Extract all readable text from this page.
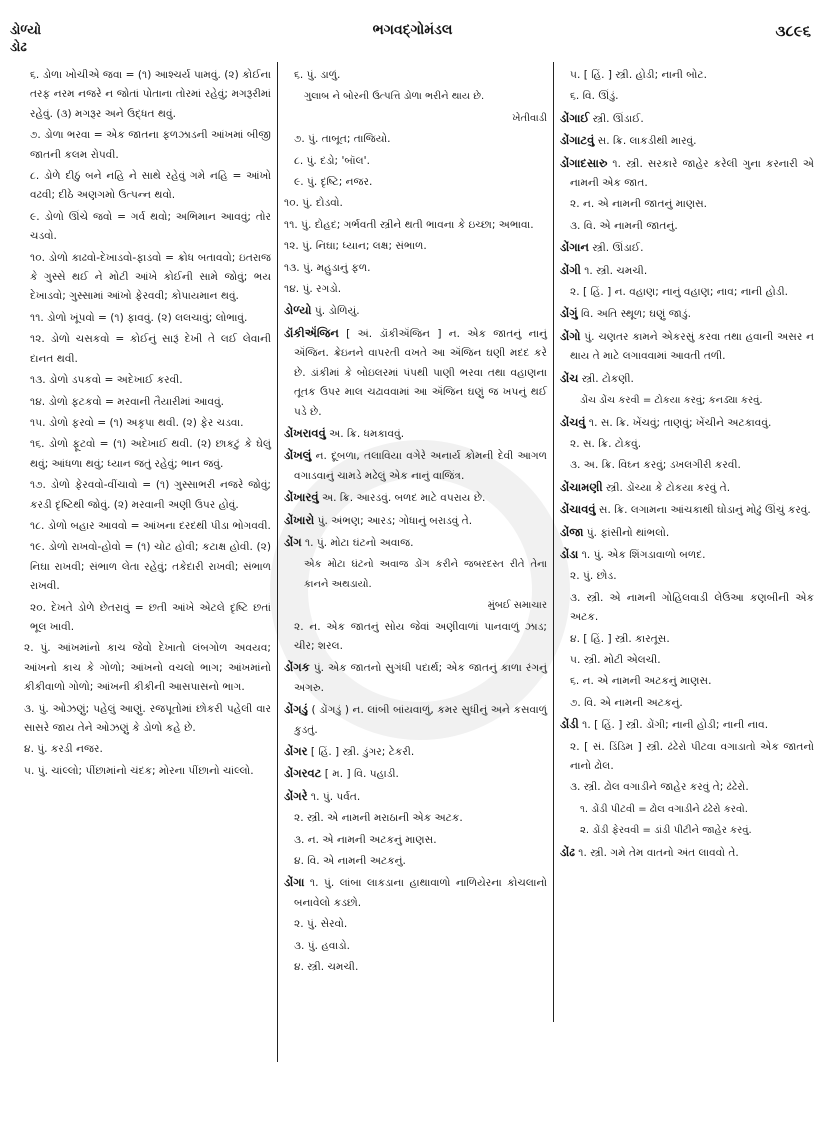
ડોળ્યો
ડોઢ
ભગવદ્ગોમંડલ	૩૮૯૬
૬. ડોળા ખોચીએ જવા = (૧) આશ્ચર્ય પામવું. (૨) કોઈના તરફ નરમ નજરે ન જોતાં પોતાના તોરમાં રહેવું; મગરૂરીમાં રહેવું. (૩) મગરૂર અને ઉદ્ધત થવું.
૭. ડોળા ભરવા = એક જાતના ફળઝાડની આંખમાં બીજી જાતની કલમ રોપવી.
૮. ડોળે દીઠું બને નહિ ને સાથે રહેવું ગમે નહિ = આંખો વઢવી; દીઠે અણગમો ઉત્પન્ન થવો.
૯. ડોળો ઊંચે જવો = ગર્વ થવો; અભિમાન આવવું; તોર ચડવો.
૧૦. ડોળો કાઢવો-દેખાડવો-ફાડવો = ક્રોધ બતાવવો; ઇતરાજ કે ગુસ્સે થઈ ને મોટી આંખે કોઈની સામે જોવું; ભય દેખાડવો; ગુસ્સામાં આંખો ફેરવવી; કોપાયમાન થવું.
૧૧. ડોળો ખૂંપવો = (૧) ફાવવું. (૨) લલચાવું; લોભાવું.
૧૨. ડોળો ચસકવો = કોઈનું સારૂં દેખી તે લઈ લેવાની દાનત થવી.
૧૩. ડોળો ડપકવો = અદેખાઈ કરવી.
૧૪. ડોળો ફટકવો = મરવાની તૈયારીમાં આવવું.
૧૫. ડોળો ફરવો = (૧) અકૃપા થવી. (૨) ફેર ચડવા.
૧૬. ડોળો ફૂટવો = (૧) અદેખાઈ થવી. (૨) છાકટું કે ઘેલું થવું; આંધળા થવું; ધ્યાન જતું રહેવું; ભાન જવું.
૧૭. ડોળો ફેરવવો-વીંચાવો = (૧) ગુસ્સાભરી નજરે જોવું; કરડી દૃષ્ટિથી જોવું. (૨) મરવાની અણી ઉપર હોવું.
૧૮. ડોળો બહાર આવવો = આંખના દરદથી પીડા ભોગવવી.
૧૯. ડોળો રાખવો-હોવો = (૧) ચોટ હોવી; કટાક્ષ હોવી. (૨) નિઘા રાખવી; સંભાળ લેતા રહેવું; તકેદારી રાખવી; સંભાળ રાખવી.
૨૦. દેખતે ડોળે છેતરાવું = છતી આંખે એટલે દૃષ્ટિ છતાં ભૂલ ખાવી.
૨. પું. આંખમાંનો કાચ જેવો દેખાતો લંબગોળ અવયવ; આંખનો કાચ કે ગોળો; આંખનો વચલો ભાગ; આંખમાંનો કીકીવાળો ગોળો; આંખની કીકીની આસપાસનો ભાગ.
૩. પું. ઓઝણું; પહેલું આણું. રજપૂતોમાં છોકરી પહેલી વાર સાસરે જાય તેને ઓઝણું કે ડોળો કહે છે.
૪. પું. કરડી નજર.
૫. પું. ચાંલ્લો; પીંછામાંનો ચંદક; મોરના પીંછાનો ચાંલ્લો.
૬. પું. ડાળું.
ગુલાબ ને બોરની ઉત્પત્તિ ડોળા ભરીને થાય છે.
ખેતીવાડી
૭. પું. તાબૂત; તાજિયો.
૮. પું. દડો; 'બૉલ'.
૯. પું. દૃષ્ટિ; નજર.
૧૦. પું. દોડવો.
૧૧. પું. દોહદ; ગર્ભવતી સ્ત્રીને થતી ભાવના કે ઇચ્છા; અભાવા.
૧૨. પું. નિઘા; ધ્યાન; લક્ષ; સંભાળ.
૧૩. પું. મહુડાનું ફળ.
૧૪. પું. રગડો.
ડોળ્યો પું. ડોળિયું.
ડૉંકીઍંજિન [ અં. ડૉંકીઍંજિન ] ન. એક જાતનું નાનું ઍંજિન. ક્રેઇનને વાપરતી વખતે આ ઍંજિન ઘણી મદદ કરે છે. ડાંકીમાં કે બોઇલરમાં પંપથી પાણી ભરવા તથા વહાણના તૂતક ઉપર માલ ચઢાવવામાં આ ઍંજિન ઘણું જ ખપનું થઈ પડે છે.
ડોંખરાવવું અ. ક્રિ. ધમકાવવું.
ડોંખલું ન. દૂબળા, તલાવિયા વગેરે અનાર્ય કોમની દેવી આગળ વગાડવાનું ચામડે મઢેલું એક નાનું વાજિંત્ર.
ડોંખારવું અ. ક્રિ. આરડવું. બળદ માટે વપરાય છે.
ડોંખારો પું. અંભણ; આરડ; ગોધાનું બરાડવું તે.
ડોંગ ૧. પું. મોટા ઘંટનો અવાજ.
એક મોટા ઘંટનો અવાજ ડોંગ કરીને જબરદસ્ત રીતે તેના કાનને અથડાયો.
મુંબઈ સમાચાર
૨. ન. એક જાતનું સોય જેવાં અણીવાળાં પાનવાળું ઝાડ; ચીર; શરલ.
ડોંગક પું. એક જાતનો સુગંધી પદાર્થ; એક જાતનું કાળા રંગનું અગરુ.
ડોંગડું ( ડોંગડું ) ન. લાંબી બાંયવાળું, કમર સુધીનું અને કસવાળું કુડતું.
ડોંગર [ હિં. ] સ્ત્રી. ડુંગર; ટેકરી.
ડોંગરવટ [ મ. ] વિ. પહાડી.
ડોંગરે ૧. પું. પર્વત.
૨. સ્ત્રી. એ નામની મરાઠાની એક અટક.
૩. ન. એ નામની અટકનું માણસ.
૪. વિ. એ નામની અટકનું.
ડોંગા ૧. પું. લાંબા લાકડાના હાથાવાળો નાળિયેરના કોચલાનો બનાવેલો કડછો.
૨. પું. સેરવો.
૩. પું. હવાડો.
૪. સ્ત્રી. ચમચી.
૫. [ હિં. ] સ્ત્રી. હોડી; નાની બોટ.
૬. વિ. ઊંડું.
ડોંગાઈ સ્ત્રી. ઊંડાઈ.
ડોંગાટવું સ. ક્રિ. લાકડીથી મારવું.
ડોંગાદસારુ ૧. સ્ત્રી. સરકારે જાહેર કરેલી ગુના કરનારી એ નામની એક જાત.
૨. ન. એ નામની જાતનું માણસ.
૩. વિ. એ નામની જાતનું.
ડોંગાન સ્ત્રી. ઊંડાઈ.
ડોંગી ૧. સ્ત્રી. ચમચી.
૨. [ હિં. ] ન. વહાણ; નાનું વહાણ; નાવ; નાની હોડી.
ડોંગું વિ. અતિ સ્થૂળ; ઘણું જાડું.
ડોંગો પું. ચણતર કામને એકરસું કરવા તથા હવાની અસર ન થાય તે માટે લગાવવામાં આવતી તળી.
ડોંચ સ્ત્રી. ટોકણી.
ડોંચ ડોંચ કરવી = ટોકયા કરવું; કનડ્યા કરવું.
ડોંચવું ૧. સ. ક્રિ. ખેંચવું; તાણવું; ખેંચીને અટકાવવું.
૨. સ. ક્રિ. ટોકવું.
૩. અ. ક્રિ. વિઘ્ન કરવું; ડખલગીરી કરવી.
ડોંચામણી સ્ત્રી. ડોંચ્યા કે ટોકયા કરવું તે.
ડોંચાવવું સ. ક્રિ. લગામના આંચકાથી ઘોડાનું મોઢું ઊંચું કરવું.
ડોંજા પું. ફાંસીનો થાંભલો.
ડોંડા ૧. પું. એક શિંગડાવાળો બળદ.
૨. પું. છોડ.
૩. સ્ત્રી. એ નામની ગોહિલવાડી લેઉઆ કણબીની એક અટક.
૪. [ હિં. ] સ્ત્રી. કારતૂસ.
૫. સ્ત્રી. મોટી એલચી.
૬. ન. એ નામની અટકનું માણસ.
૭. વિ. એ નામની અટકનું.
ડોંડી ૧. [ હિં. ] સ્ત્રી. ડોંગી; નાની હોડી; નાની નાવ.
૨. [ સં. ડિંડિમ ] સ્ત્રી. ઢંઢેરો પીટવા વગાડાતો એક જાતનો નાનો ઢોલ.
૩. સ્ત્રી. ઢોલ વગાડીને જાહેર કરવું તે; ઢંઢેરો.
૧. ડોંડી પીટવી = ઢોલ વગાડીને ઢંઢેરો કરવો.
૨. ડોંડી ફેરવવી = ડાંડી પીટીને જાહેર કરવું.
ડોંઢ ૧. સ્ત્રી. ગમે તેમ વાતનો અંત લાવવો તે.
